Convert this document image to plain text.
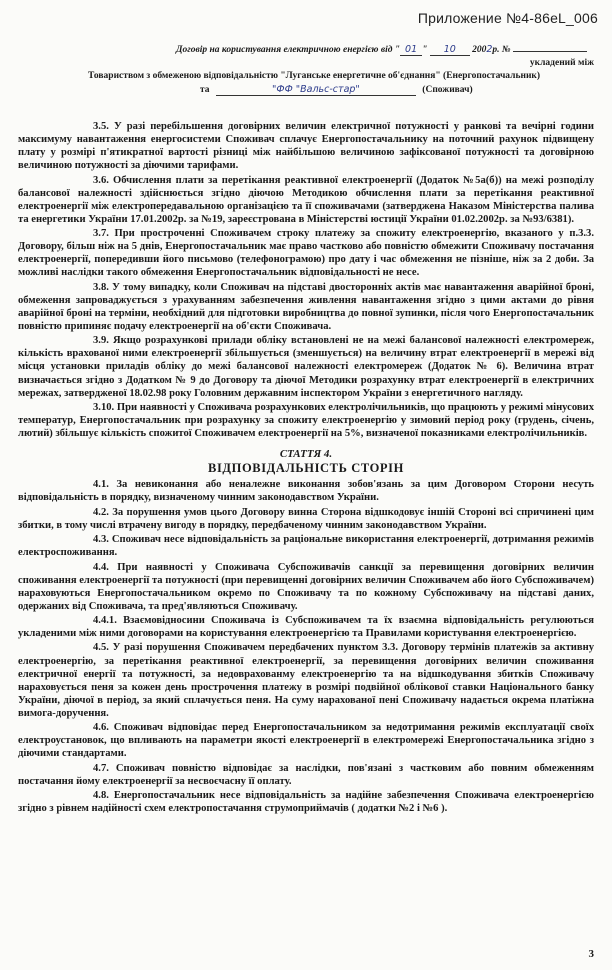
Приложение №4-86eL_006
Договір на користування електричною енергією від " 01 " 10 2002р. №
укладений між
Товариством з обмеженою відповідальністю "Луганське енергетичне об'єднання" (Енергопостачальник)
та	"ФФ "Вальс-стар"	(Споживач)

3.5. У разі перебільшення договірних величин електричної потужності у ранкові та вечірні години максимуму навантаження енергосистеми Споживач сплачує Енергопостачальнику на поточний рахунок підвищену плату у розмірі п'ятикратної вартості різниці між найбільшою величиною зафіксованої потужності та договірною величиною потужності за діючими тарифами.

3.6. Обчислення плати за перетікання реактивної електроенергії (Додаток №5а(б)) на межі розподілу балансової належності здійснюється згідно діючою Методикою обчислення плати за перетікання реактивної електроенергії між електропередавальною організацією та її споживачами (затверджена Наказом Міністерства палива та енергетики України 17.01.2002р. за №19, зареєстрована в Міністерстві юстиції України 01.02.2002р. за №93/6381).

3.7. При простроченні Споживачем строку платежу за спожиту електроенергію, вказаного у п.3.3. Договору, більш ніж на 5 днів, Енергопостачальник має право частково або повністю обмежити Споживачу постачання електроенергії, попередивши його письмово (телефонограмою) про дату і час обмеження не пізніше, ніж за 2 доби. За можливі наслідки такого обмеження Енергопостачальник відповідальності не несе.

3.8. У тому випадку, коли Споживач на підставі двосторонніх актів має навантаження аварійної броні, обмеження запроваджується з урахуванням забезпечення живлення навантаження згідно з цими актами до рівня аварійної броні на терміни, необхідний для підготовки виробництва до повної зупинки, після чого Енергопостачальник повністю припиняє подачу електроенергії на об'єкти Споживача.

3.9. Якщо розрахункові прилади обліку встановлені не на межі балансової належності електромереж, кількість врахованої ними електроенергії збільшується (зменшується) на величину втрат електроенергії в мережі від місця установки приладів обліку до межі балансової належності електромереж (Додаток № 6). Величина втрат визначається згідно з Додатком № 9 до Договору та діючої Методики розрахунку втрат електроенергії в електричних мережах, затвердженої 18.02.98 року Головним державним інспектором України з енергетичного нагляду.

3.10. При наявності у Споживача розрахункових електролічильників, що працюють у режимі мінусових температур, Енергопостачальник при розрахунку за спожиту електроенергію у зимовий період року (грудень, січень, лютий) збільшує кількість спожитої Споживачем електроенергії на 5%, визначеної показниками електролічильників.

СТАТТЯ 4.
ВІДПОВІДАЛЬНІСТЬ СТОРІН

4.1. За невиконання або неналежне виконання зобов'язань за цим Договором Сторони несуть відповідальність в порядку, визначеному чинним законодавством України.

4.2. За порушення умов цього Договору винна Сторона відшкодовує іншій Стороні всі спричинені цим збитки, в тому числі втрачену вигоду в порядку, передбаченому чинним законодавством України.

4.3. Споживач несе відповідальність за раціональне використання електроенергії, дотримання режимів електроспоживання.

4.4. При наявності у Споживача Субспоживачів санкції за перевищення договірних величин споживання електроенергії та потужності (при перевищенні договірних величин Споживачем або його Субспоживачем) нараховуються Енергопостачальником окремо по Споживачу та по кожному Субспоживачу на підставі даних, одержаних від Споживача, та пред'являються Споживачу.

4.4.1. Взаємовідносини Споживача із Субспоживачем та їх взаємна відповідальність регулюються укладеними між ними договорами на користування електроенергією та Правилами користування електроенергією.

4.5. У разі порушення Споживачем передбачених пунктом 3.3. Договору термінів платежів за активну електроенергію, за перетікання реактивної електроенергії, за перевищення договірних величин споживання електричної енергії та потужності, за недоврахованму електроенергію та на відшкодування збитків Споживачу нараховується пеня за кожен день прострочення платежу в розмірі подвійної облікової ставки Національного банку України, діючої в період, за який сплачується пеня. На суму нарахованої пені Споживачу надається окрема платіжна вимога-доручення.

4.6. Споживач відповідає перед Енергопостачальником за недотримання режимів експлуатації своїх електроустановок, що впливають на параметри якості електроенергії в електромережі Енергопостачальника згідно з діючими стандартами.

4.7. Споживач повністю відповідає за наслідки, пов'язані з частковим або повним обмеженням постачання йому електроенергії за несвоєчасну її оплату.

4.8. Енергопостачальник несе відповідальність за надійне забезпечення Споживача електроенергією згідно з рівнем надійності схем електропостачання струмоприймачів ( додатки №2 і №6 ).

3
